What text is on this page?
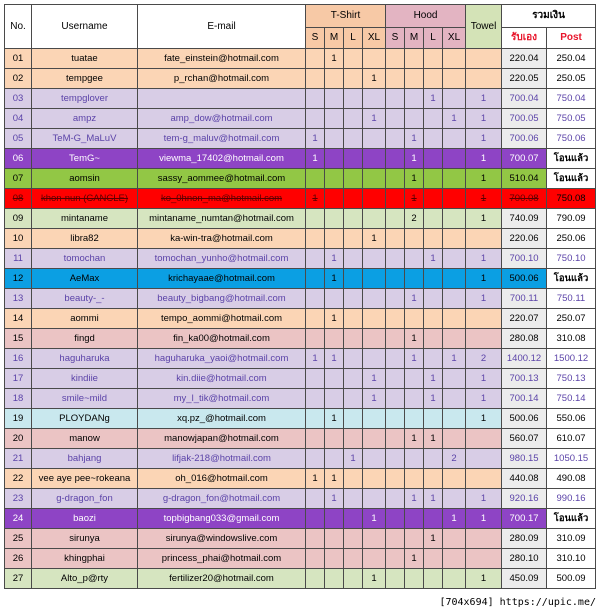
No.	Username	E-mail	T-Shirt				Hood				Towel	รวมเงิน	
			S	M	L	XL	S	M	L	XL		รับเอง	Post
01	tuatae	fate_einstein@hotmail.com		1								220.04	250.04
02	tempgee	p_rchan@hotmail.com				1						220.05	250.05
03	tempglover								1		1	700.04	750.04
04	ampz	amp_dow@hotmail.com				1				1	1	700.05	750.05
05	TeM-G_MaLuV	tem-g_maluv@hotmail.com	1					1			1	700.06	750.06
06	TemG~	viewma_17402@hotmail.com	1					1			1	700.07	โอนแล้ว
07	aomsin	sassy_aommee@hotmail.com						1			1	510.04	โอนแล้ว
08	khon-nun (CANCLE)	ko_0hnon_ma@hotmail.com	1					1			1	700.08	750.08
09	mintaname	mintaname_numtan@hotmail.com						2			1	740.09	790.09
10	libra82	ka-win-tra@hotmail.com				1						220.06	250.06
11	tomochan	tomochan_yunho@hotmail.com		1					1		1	700.10	750.10
12	AeMax	krichayaae@hotmail.com		1							1	500.06	โอนแล้ว
13	beauty-_-	beauty_bigbang@hotmail.com						1			1	700.11	750.11
14	aommi	tempo_aommi@hotmail.com		1								220.07	250.07
15	fingd	fin_ka00@hotmail.com						1				280.08	310.08
16	haguharuka	haguharuka_yaoi@hotmail.com	1	1				1		1	2	1400.12	1500.12
17	kindiie	kin.diie@hotmail.com				1			1		1	700.13	750.13
18	smile~mild	my_l_tik@hotmail.com				1			1		1	700.14	750.14
19	PLOYDANg	xq.pz_@hotmail.com		1							1	500.06	550.06
20	manow	manowjapan@hotmail.com						1	1			560.07	610.07
21	bahjang	lifjak-218@hotmail.com			1					2		980.15	1050.15
22	vee aye pee~rokeana	oh_016@hotmail.com	1	1								440.08	490.08
23	g-dragon_fon	g-dragon_fon@hotmail.com		1				1	1		1	920.16	990.16
24	baozi	topbigbang033@gmail.com				1				1	1	700.17	โอนแล้ว
25	sirunya	sirunya@windowslive.com							1			280.09	310.09
26	khingphai	princess_phai@hotmail.com						1				280.10	310.10
27	Alto_p@rty	fertilizer20@hotmail.com				1					1	450.09	500.09
[704x694] https://upic.me/
